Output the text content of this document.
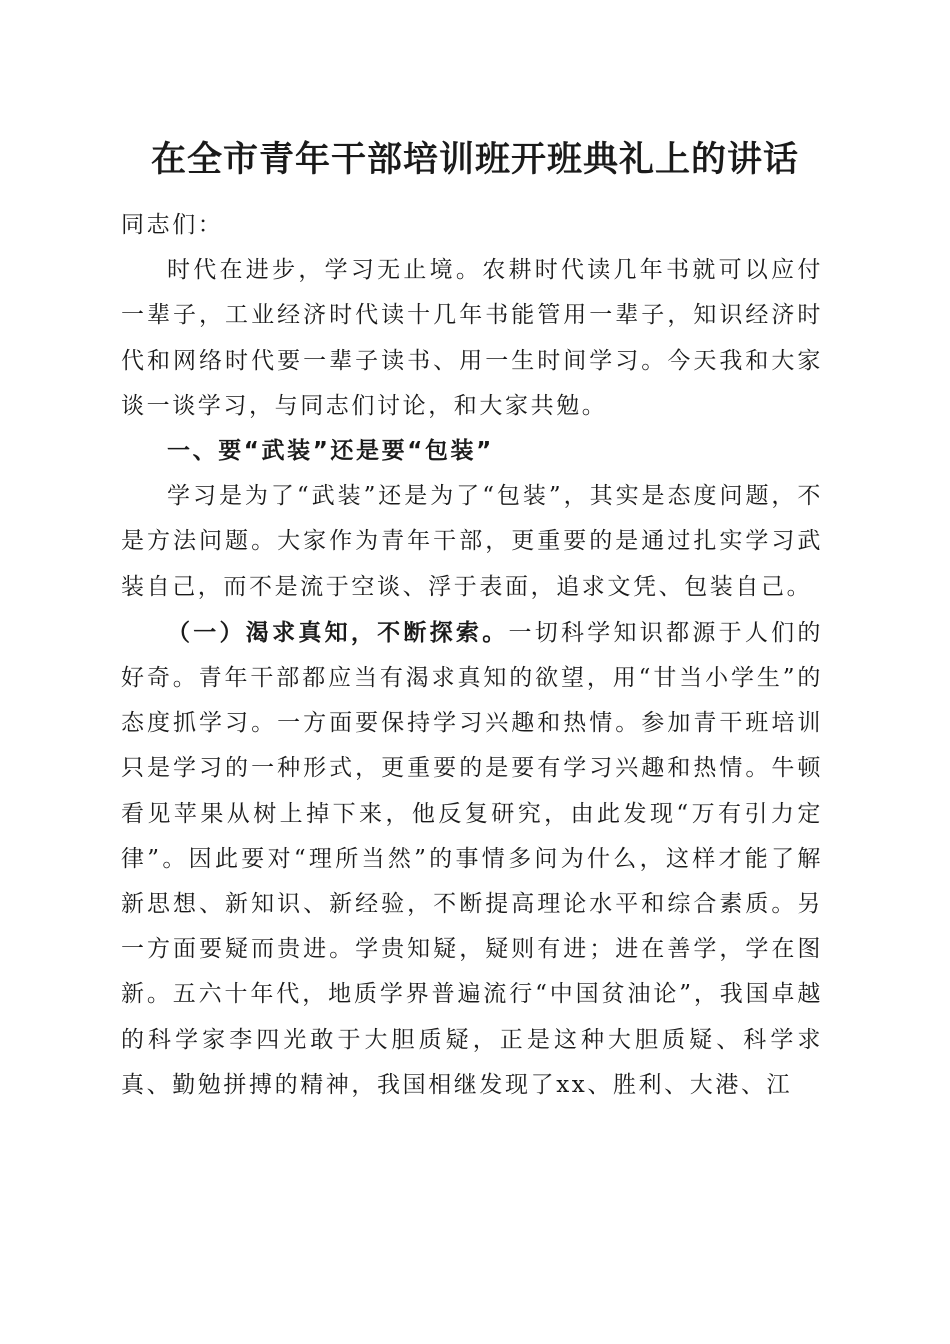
在全市青年干部培训班开班典礼上的讲话

同志们：

时代在进步，学习无止境。农耕时代读几年书就可以应付一辈子，工业经济时代读十几年书能管用一辈子，知识经济时代和网络时代要一辈子读书、用一生时间学习。今天我和大家谈一谈学习，与同志们讨论，和大家共勉。

一、要“武装”还是要“包装”

学习是为了“武装”还是为了“包装”，其实是态度问题，不是方法问题。大家作为青年干部，更重要的是通过扎实学习武装自己，而不是流于空谈、浮于表面，追求文凭、包装自己。

（一）渴求真知，不断探索。一切科学知识都源于人们的好奇。青年干部都应当有渴求真知的欲望，用“甘当小学生”的态度抓学习。一方面要保持学习兴趣和热情。参加青干班培训只是学习的一种形式，更重要的是要有学习兴趣和热情。牛顿看见苹果从树上掉下来，他反复研究，由此发现“万有引力定律”。因此要对“理所当然”的事情多问为什么，这样才能了解新思想、新知识、新经验，不断提高理论水平和综合素质。另一方面要疑而贵进。学贵知疑，疑则有进；进在善学，学在图新。五六十年代，地质学界普遍流行“中国贫油论”，我国卓越的科学家李四光敢于大胆质疑，正是这种大胆质疑、科学求真、勤勉拼搏的精神，我国相继发现了xx、胜利、大港、江
